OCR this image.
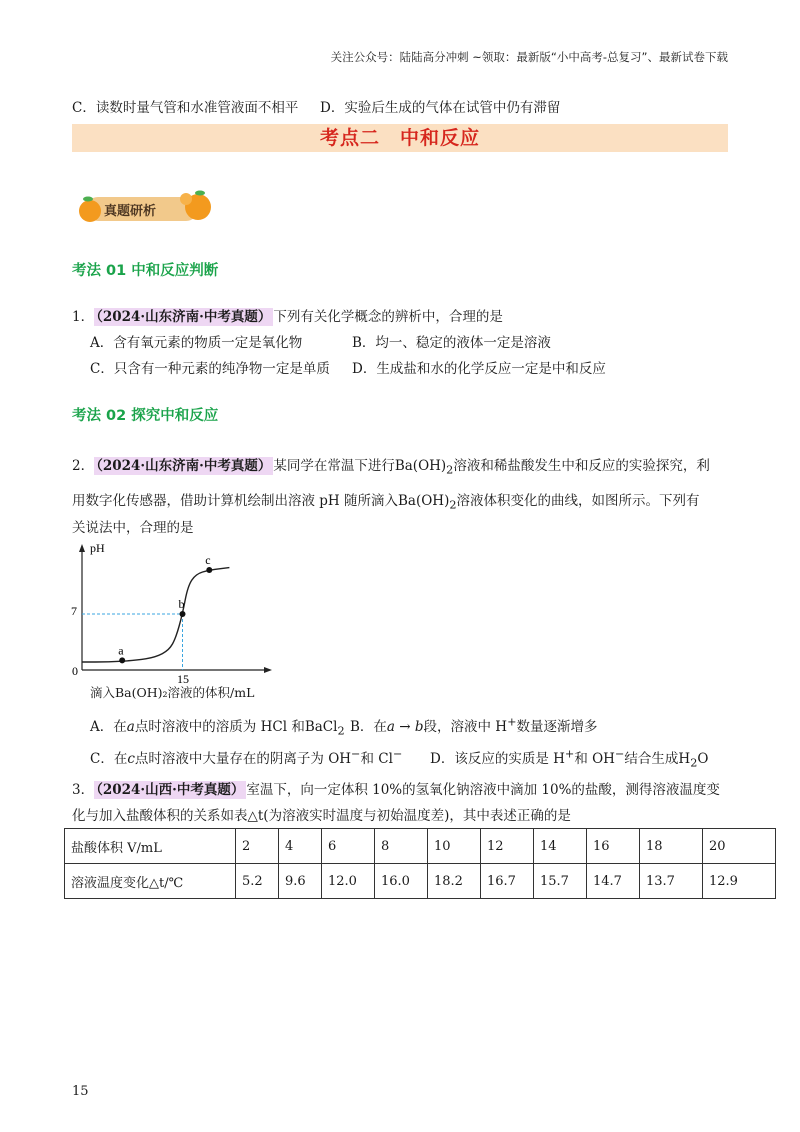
关注公众号：陆陆高分冲刺 ~领取：最新版“小中高考-总复习”、最新试卷下载
C．读数时量气管和水准管液面不相平 D．实验后生成的气体在试管中仍有滞留
考点二　中和反应
真题研析
考法 01 中和反应判断
1． （2024·山东济南·中考真题） 下列有关化学概念的辨析中，合理的是
A．含有氧元素的物质一定是氧化物	B．均一、稳定的液体一定是溶液
C．只含有一种元素的纯净物一定是单质 D．生成盐和水的化学反应一定是中和反应
考法 02 探究中和反应
2． （2024·山东济南·中考真题） 某同学在常温下进行$Ba(OH)_2$溶液和稀盐酸发生中和反应的实验探究，利
用数字化传感器，借助计算机绘制出溶液 pH 随所滴入$Ba(OH)_2$溶液体积变化的曲线，如图所示。下列有
关说法中，合理的是
pH
7
0
15
a
b
c
滴入Ba(OH)₂溶液的体积/mL
A．在a点时溶液中的溶质为 HCl 和BaCl$_2$ B．在a → b段，溶液中 H+数量逐渐增多
C．在c点时溶液中大量存在的阴离子为 OH−和 Cl− D．该反应的实质是 H+和 OH−结合生成$H_2O$
3． （2024·山西·中考真题） 室温下，向一定体积 10%的氢氧化钠溶液中滴加 10%的盐酸，测得溶液温度变
化与加入盐酸体积的关系如表△t(为溶液实时温度与初始温度差)，其中表述正确的是
盐酸体积 V/mL	2	4	6	8	10	12	14	16	18	20
溶液温度变化△t/℃	5.2	9.6	12.0	16.0	18.2	16.7	15.7	14.7	13.7	12.9
15
